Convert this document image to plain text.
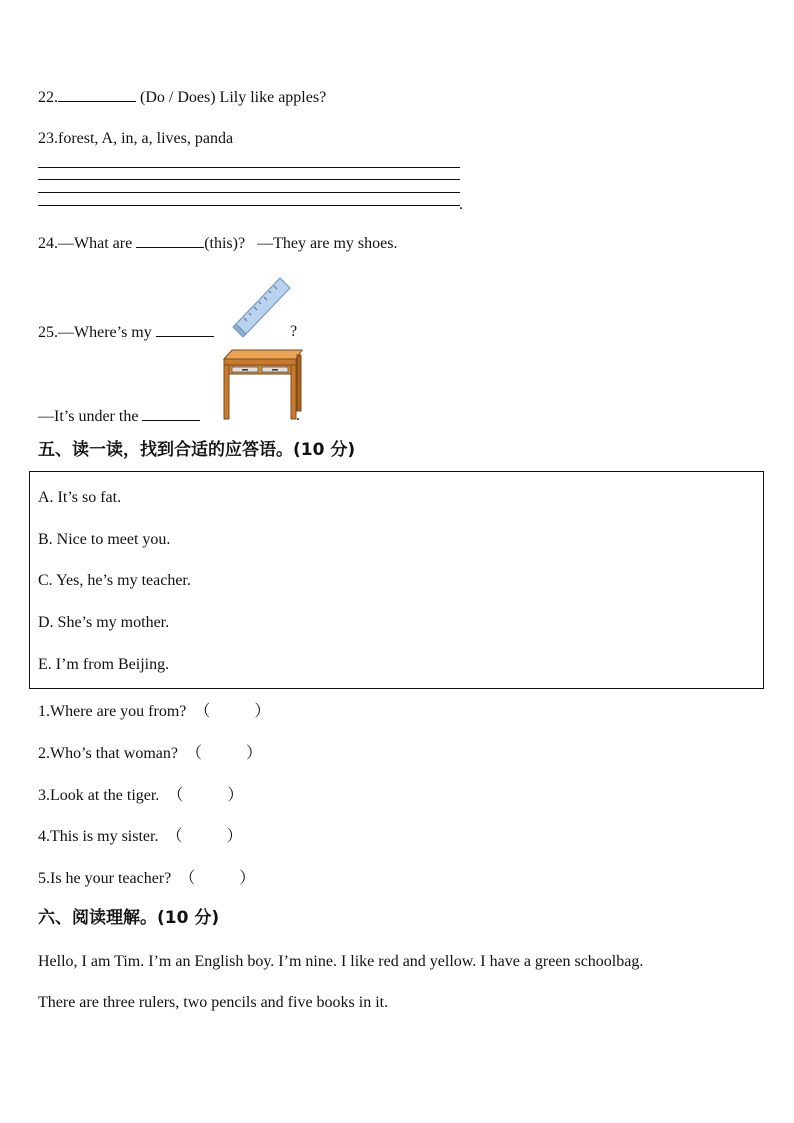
22.	(Do / Does) Lily like apples?
23.forest, A, in, a, lives, panda
.
24.—What are	(this)? —They are my shoes.
25.—Where’s my	?
—It’s under the	.
五、读一读，找到合适的应答语。(10 分)
A. It’s so fat.
B. Nice to meet you.
C. Yes, he’s my teacher.
D. She’s my mother.
E. I’m from Beijing.
1.Where are you from? （	）
2.Who’s that woman? （	）
3.Look at the tiger. （	）
4.This is my sister. （	）
5.Is he your teacher? （	）
六、阅读理解。(10 分)
Hello, I am Tim. I’m an English boy. I’m nine. I like red and yellow. I have a green schoolbag.
There are three rulers, two pencils and five books in it.
